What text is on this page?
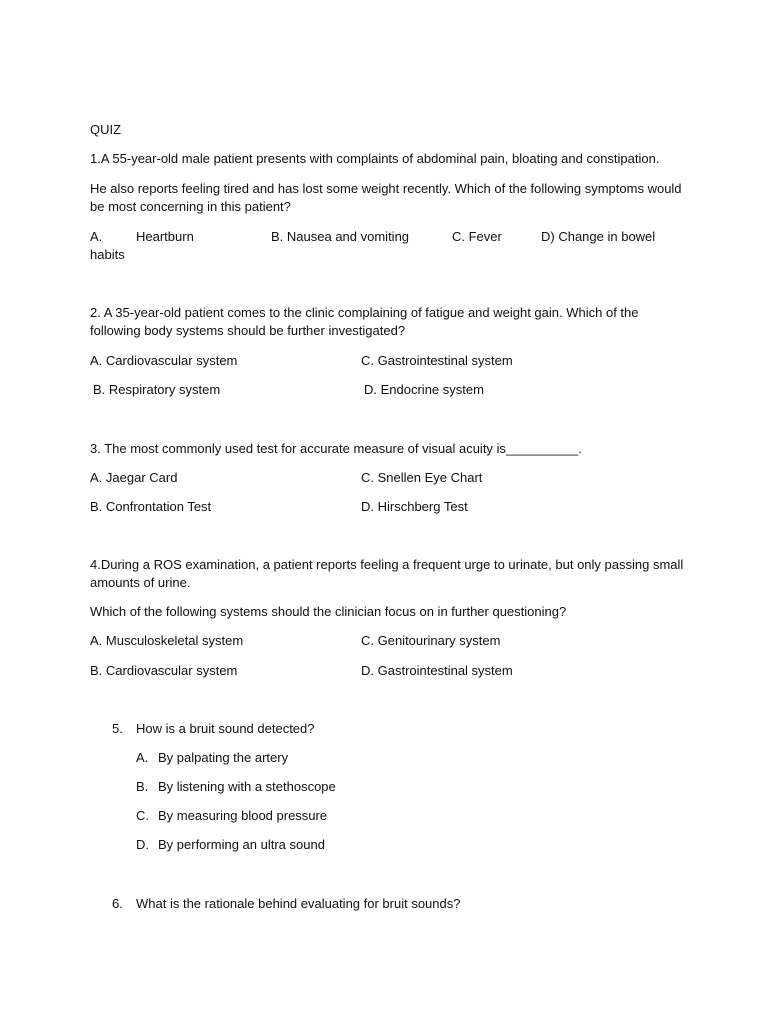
QUIZ
1.A 55-year-old male patient presents with complaints of abdominal pain, bloating and constipation.
He also reports feeling tired and has lost some weight recently. Which of the following symptoms would
be most concerning in this patient?
A.	Heartburn	B. Nausea and vomiting	C. Fever	D) Change in bowel
habits
2. A 35-year-old patient comes to the clinic complaining of fatigue and weight gain. Which of the
following body systems should be further investigated?
A. Cardiovascular system	C. Gastrointestinal system
B. Respiratory system	D. Endocrine system
3. The most commonly used test for accurate measure of visual acuity is__________.
A. Jaegar Card	C. Snellen Eye Chart
B. Confrontation Test	D. Hirschberg Test
4.During a ROS examination, a patient reports feeling a frequent urge to urinate, but only passing small
amounts of urine.
Which of the following systems should the clinician focus on in further questioning?
A. Musculoskeletal system	C. Genitourinary system
B. Cardiovascular system	D. Gastrointestinal system
5. How is a bruit sound detected?
A. By palpating the artery
B. By listening with a stethoscope
C. By measuring blood pressure
D. By performing an ultra sound
6. What is the rationale behind evaluating for bruit sounds?
